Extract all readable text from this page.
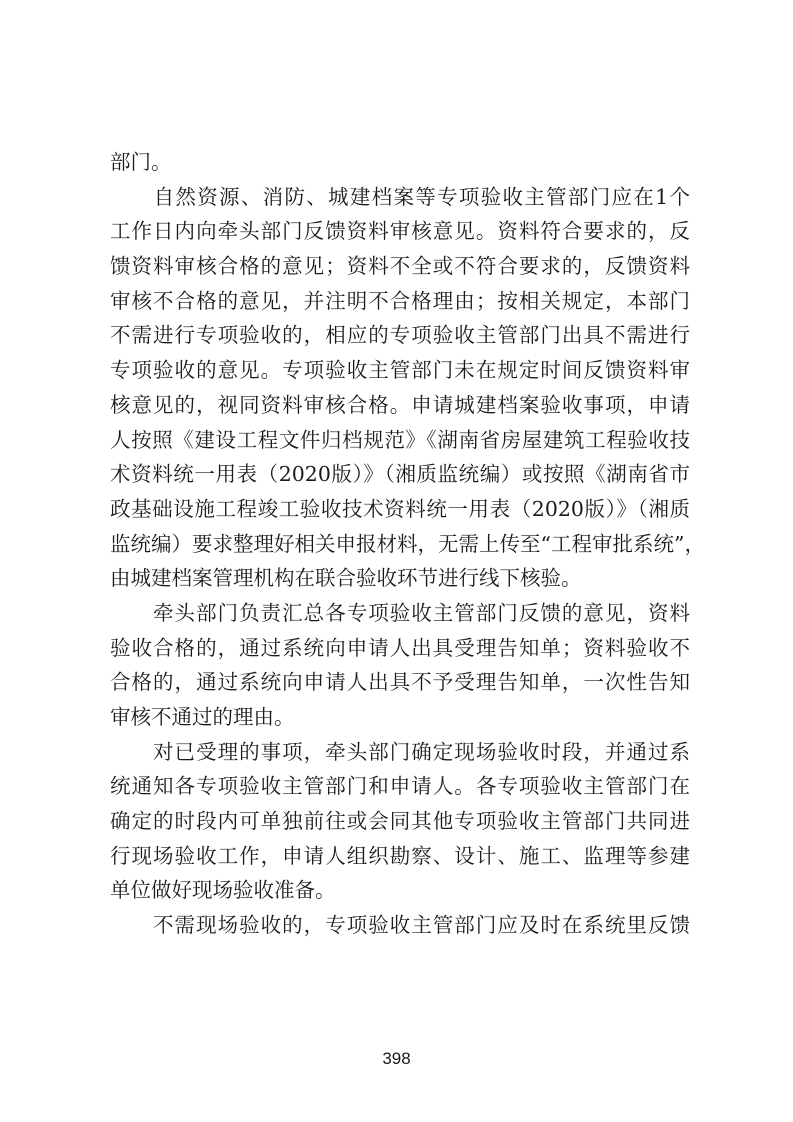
部门。
　　自然资源、消防、城建档案等专项验收主管部门应在1个
工作日内向牵头部门反馈资料审核意见。资料符合要求的，反
馈资料审核合格的意见；资料不全或不符合要求的，反馈资料
审核不合格的意见，并注明不合格理由；按相关规定，本部门
不需进行专项验收的，相应的专项验收主管部门出具不需进行
专项验收的意见。专项验收主管部门未在规定时间反馈资料审
核意见的，视同资料审核合格。申请城建档案验收事项，申请
人按照《建设工程文件归档规范》《湖南省房屋建筑工程验收技
术资料统一用表（2020版）》（湘质监统编）或按照《湖南省市
政基础设施工程竣工验收技术资料统一用表（2020版）》（湘质
监统编）要求整理好相关申报材料，无需上传至“工程审批系统”，
由城建档案管理机构在联合验收环节进行线下核验。
　　牵头部门负责汇总各专项验收主管部门反馈的意见，资料
验收合格的，通过系统向申请人出具受理告知单；资料验收不
合格的，通过系统向申请人出具不予受理告知单，一次性告知
审核不通过的理由。
　　对已受理的事项，牵头部门确定现场验收时段，并通过系
统通知各专项验收主管部门和申请人。各专项验收主管部门在
确定的时段内可单独前往或会同其他专项验收主管部门共同进
行现场验收工作，申请人组织勘察、设计、施工、监理等参建
单位做好现场验收准备。
　　不需现场验收的，专项验收主管部门应及时在系统里反馈
398
